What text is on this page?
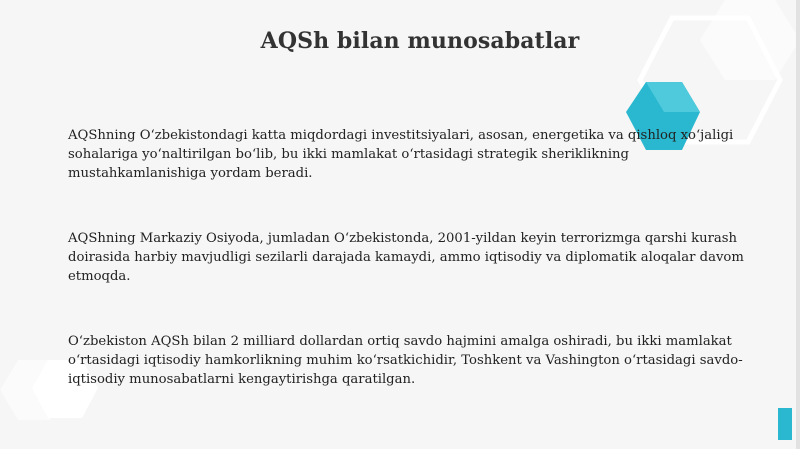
AQSh bilan munosabatlar
AQShning O‘zbekistondagi katta miqdordagi investitsiyalari, asosan, energetika va qishloq xo‘jaligi sohalariga yo‘naltirilgan bo‘lib, bu ikki mamlakat o‘rtasidagi strategik sheriklikning mustahkamlanishiga yordam beradi.
AQShning Markaziy Osiyoda, jumladan O‘zbekistonda, 2001-yildan keyin terrorizmga qarshi kurash doirasida harbiy mavjudligi sezilarli darajada kamaydi, ammo iqtisodiy va diplomatik aloqalar davom etmoqda.
O‘zbekiston AQSh bilan 2 milliard dollardan ortiq savdo hajmini amalga oshiradi, bu ikki mamlakat o‘rtasidagi iqtisodiy hamkorlikning muhim ko‘rsatkichidir, Toshkent va Vashington o‘rtasidagi savdo-iqtisodiy munosabatlarni kengaytirishga qaratilgan.
